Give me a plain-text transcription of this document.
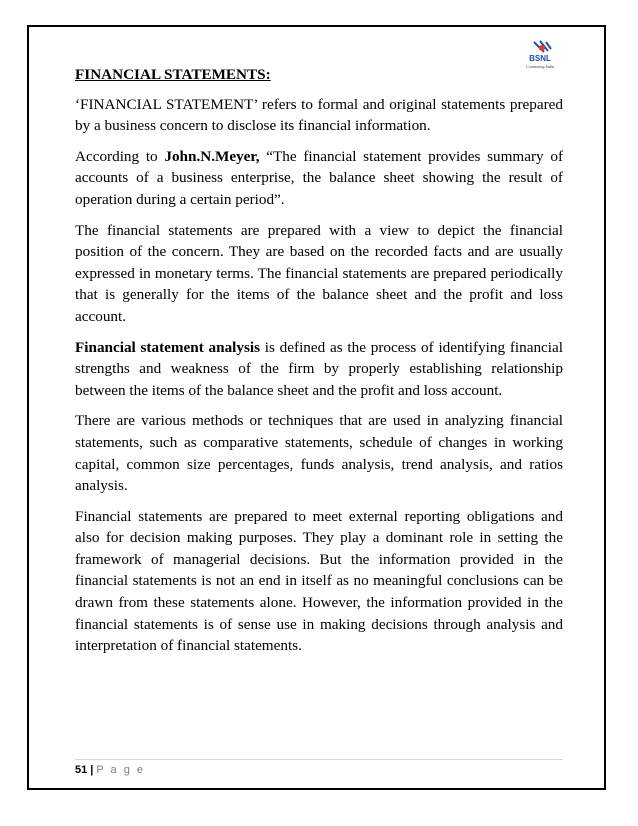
BSNL
Connecting India
FINANCIAL STATEMENTS:

‘FINANCIAL STATEMENT’ refers to formal and original statements prepared by a business concern to disclose its financial information.

According to John.N.Meyer, “The financial statement provides summary of accounts of a business enterprise, the balance sheet showing the result of operation during a certain period”.

The financial statements are prepared with a view to depict the financial position of the concern. They are based on the recorded facts and are usually expressed in monetary terms. The financial statements are prepared periodically that is generally for the items of the balance sheet and the profit and loss account.

Financial statement analysis is defined as the process of identifying financial strengths and weakness of the firm by properly establishing relationship between the items of the balance sheet and the profit and loss account.

There are various methods or techniques that are used in analyzing financial statements, such as comparative statements, schedule of changes in working capital, common size percentages, funds analysis, trend analysis, and ratios analysis.

Financial statements are prepared to meet external reporting obligations and also for decision making purposes. They play a dominant role in setting the framework of managerial decisions. But the information provided in the financial statements is not an end in itself as no meaningful conclusions can be drawn from these statements alone. However, the information provided in the financial statements is of sense use in making decisions through analysis and interpretation of financial statements.

51 | P a g e
